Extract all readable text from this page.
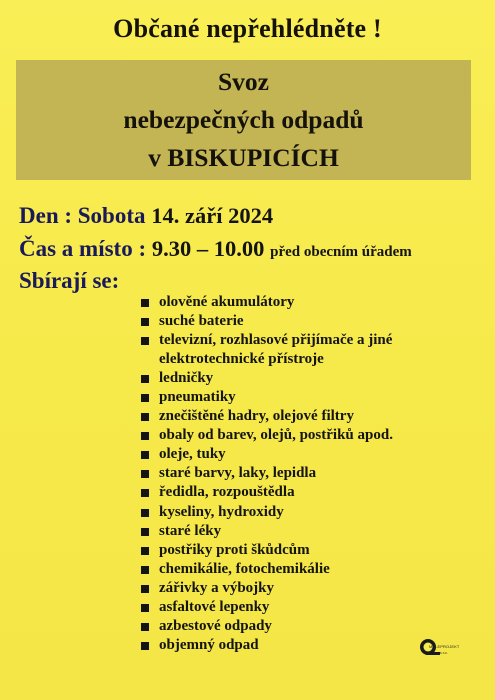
Občané nepřehlédněte !
Svoz
nebezpečných odpadů
v BISKUPICÍCH
Den : Sobota 14. září 2024
Čas a místo : 9.30 – 10.00 před obecním úřadem
Sbírají se:
olověné akumulátory
suché baterie
televizní, rozhlasové přijímače a jiné
elektrotechnické přístroje
ledničky
pneumatiky
znečištěné hadry, olejové filtry
obaly od barev, olejů, postřiků apod.
oleje, tuky
staré barvy, laky, lepidla
ředidla, rozpouštědla
kyseliny, hydroxidy
staré léky
postřiky proti škůdcům
chemikálie, fotochemikálie
zářivky a výbojky
asfaltové lepenky
azbestové odpady
objemný odpad	MELEPROJEKT
s.r.o.
